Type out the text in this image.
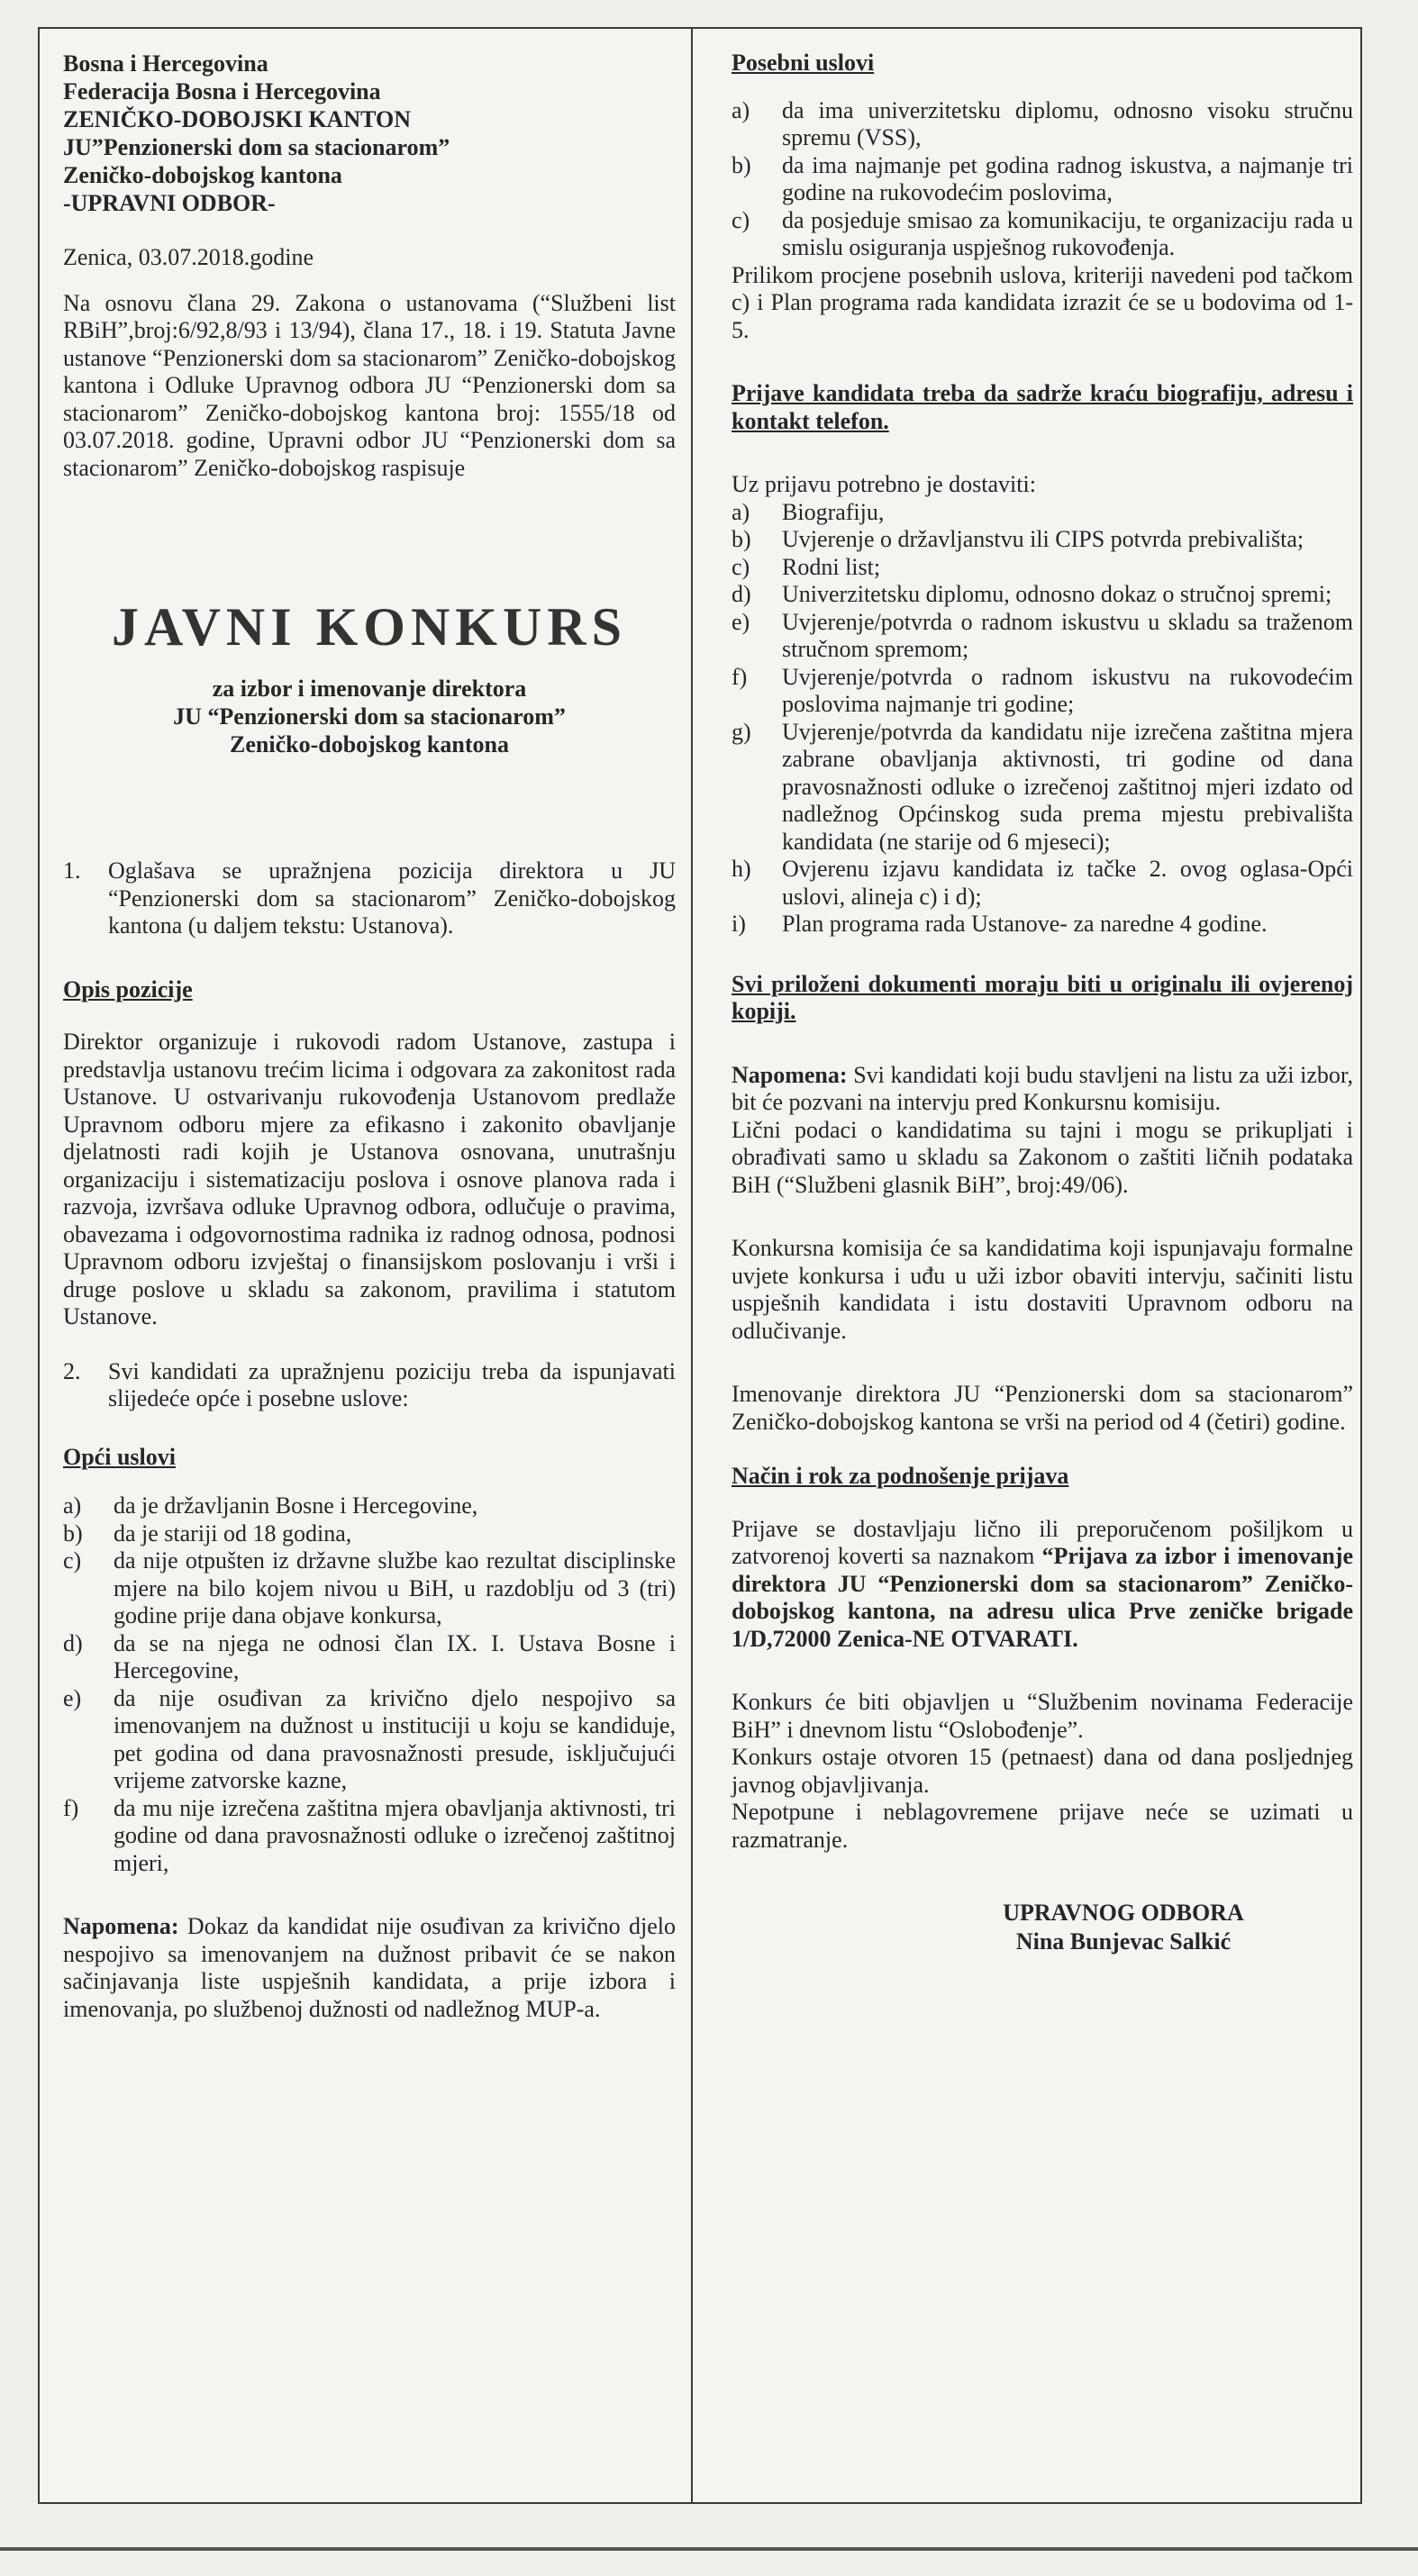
Bosna i Hercegovina

Federacija Bosna i Hercegovina

ZENIČKO-DOBOJSKI KANTON

JU”Penzionerski dom sa stacionarom”

Zeničko-dobojskog kantona

-UPRAVNI ODBOR-

Zenica, 03.07.2018.godine

Na osnovu člana 29. Zakona o ustanovama (“Službeni list RBiH”,broj:6/92,8/93 i 13/94), člana 17., 18. i 19. Statuta Javne ustanove “Penzionerski dom sa stacionarom” Zeničko-dobojskog kantona i Odluke Upravnog odbora JU “Penzionerski dom sa stacionarom” Zeničko-dobojskog kantona broj: 1555/18 od 03.07.2018. godine, Upravni odbor JU “Penzionerski dom sa stacionarom” Zeničko-dobojskog raspisuje

JAVNI KONKURS

za izbor i imenovanje direktora

JU “Penzionerski dom sa stacionarom”

Zeničko-dobojskog kantona

1.	Oglašava se upražnjena pozicija direktora u JU “Penzionerski dom sa stacionarom” Zeničko-dobojskog kantona (u daljem tekstu: Ustanova).

Opis pozicije

Direktor organizuje i rukovodi radom Ustanove, zastupa i predstavlja ustanovu trećim licima i odgovara za zakonitost rada Ustanove. U ostvarivanju rukovođenja Ustanovom predlaže Upravnom odboru mjere za efikasno i zakonito obavljanje djelatnosti radi kojih je Ustanova osnovana, unutrašnju organizaciju i sistematizaciju poslova i osnove planova rada i razvoja, izvršava odluke Upravnog odbora, odlučuje o pravima, obavezama i odgovornostima radnika iz radnog odnosa, podnosi Upravnom odboru izvještaj o finansijskom poslovanju i vrši i druge poslove u skladu sa zakonom, pravilima i statutom Ustanove.

2.	Svi kandidati za upražnjenu poziciju treba da ispunjavati slijedeće opće i posebne uslove:

Opći uslovi

a)	da je državljanin Bosne i Hercegovine,
b)	da je stariji od 18 godina,
c)	da nije otpušten iz državne službe kao rezultat disciplinske mjere na bilo kojem nivou u BiH, u razdoblju od 3 (tri) godine prije dana objave konkursa,
d)	da se na njega ne odnosi član IX. I. Ustava Bosne i Hercegovine,
e)	da nije osuđivan za krivično djelo nespojivo sa imenovanjem na dužnost u instituciji u koju se kandiduje, pet godina od dana pravosnažnosti presude, isključujući vrijeme zatvorske kazne,
f)	da mu nije izrečena zaštitna mjera obavljanja aktivnosti, tri godine od dana pravosnažnosti odluke o izrečenoj zaštitnoj mjeri,

Napomena: Dokaz da kandidat nije osuđivan za krivično djelo nespojivo sa imenovanjem na dužnost pribavit će se nakon sačinjavanja liste uspješnih kandidata, a prije izbora i imenovanja, po službenoj dužnosti od nadležnog MUP-a.

Posebni uslovi

a)	da ima univerzitetsku diplomu, odnosno visoku stručnu spremu (VSS),
b)	da ima najmanje pet godina radnog iskustva, a najmanje tri godine na rukovodećim poslovima,
c)	da posjeduje smisao za komunikaciju, te organizaciju rada u smislu osiguranja uspješnog rukovođenja.

Prilikom procjene posebnih uslova, kriteriji navedeni pod tačkom c) i Plan programa rada kandidata izrazit će se u bodovima od 1-5.

Prijave kandidata treba da sadrže kraću biografiju, adresu i kontakt telefon.

Uz prijavu potrebno je dostaviti:

a)	Biografiju,
b)	Uvjerenje o državljanstvu ili CIPS potvrda prebivališta;
c)	Rodni list;
d)	Univerzitetsku diplomu, odnosno dokaz o stručnoj spremi;
e)	Uvjerenje/potvrda o radnom iskustvu u skladu sa traženom stručnom spremom;
f)	Uvjerenje/potvrda o radnom iskustvu na rukovodećim poslovima najmanje tri godine;
g)	Uvjerenje/potvrda da kandidatu nije izrečena zaštitna mjera zabrane obavljanja aktivnosti, tri godine od dana pravosnažnosti odluke o izrečenoj zaštitnoj mjeri izdato od nadležnog Općinskog suda prema mjestu prebivališta kandidata (ne starije od 6 mjeseci);
h)	Ovjerenu izjavu kandidata iz tačke 2. ovog oglasa-Opći uslovi, alineja c) i d);
i)	Plan programa rada Ustanove- za naredne 4 godine.

Svi priloženi dokumenti moraju biti u originalu ili ovjerenoj kopiji.

Napomena: Svi kandidati koji budu stavljeni na listu za uži izbor, bit će pozvani na intervju pred Konkursnu komisiju.

Lični podaci o kandidatima su tajni i mogu se prikupljati i obrađivati samo u skladu sa Zakonom o zaštiti ličnih podataka BiH (“Službeni glasnik BiH”, broj:49/06).

Konkursna komisija će sa kandidatima koji ispunjavaju formalne uvjete konkursa i uđu u uži izbor obaviti intervju, sačiniti listu uspješnih kandidata i istu dostaviti Upravnom odboru na odlučivanje.

Imenovanje direktora JU “Penzionerski dom sa stacionarom” Zeničko-dobojskog kantona se vrši na period od 4 (četiri) godine.

Način i rok za podnošenje prijava

Prijave se dostavljaju lično ili preporučenom pošiljkom u zatvorenoj koverti sa naznakom “Prijava za izbor i imenovanje direktora JU “Penzionerski dom sa stacionarom” Zeničko-dobojskog kantona, na adresu ulica Prve zeničke brigade 1/D,72000 Zenica-NE OTVARATI.

Konkurs će biti objavljen u “Službenim novinama Federacije BiH” i dnevnom listu “Oslobođenje”.

Konkurs ostaje otvoren 15 (petnaest) dana od dana posljednjeg javnog objavljivanja.

Nepotpune i neblagovremene prijave neće se uzimati u razmatranje.

UPRAVNOG ODBORA

Nina Bunjevac Salkić
